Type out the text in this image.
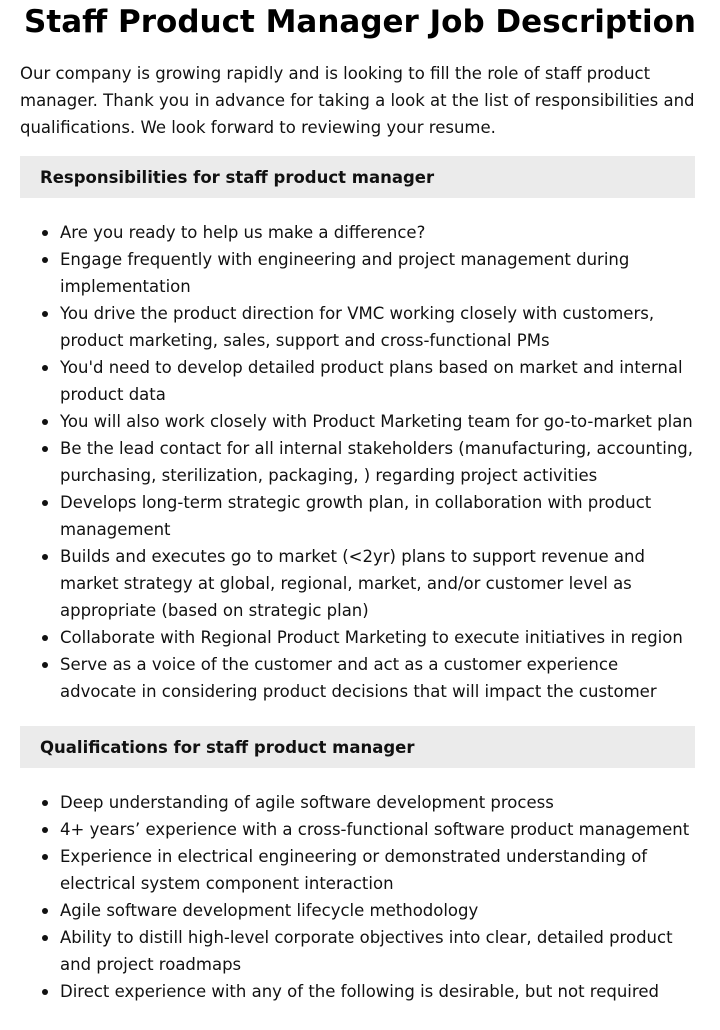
Staff Product Manager Job Description

Our company is growing rapidly and is looking to fill the role of staff product manager. Thank you in advance for taking a look at the list of responsibilities and qualifications. We look forward to reviewing your resume.

Responsibilities for staff product manager
Are you ready to help us make a difference?
Engage frequently with engineering and project management during implementation
You drive the product direction for VMC working closely with customers, product marketing, sales, support and cross-functional PMs
You'd need to develop detailed product plans based on market and internal product data
You will also work closely with Product Marketing team for go-to-market plan
Be the lead contact for all internal stakeholders (manufacturing, accounting, purchasing, sterilization, packaging, ) regarding project activities
Develops long-term strategic growth plan, in collaboration with product management
Builds and executes go to market (<2yr) plans to support revenue and market strategy at global, regional, market, and/or customer level as appropriate (based on strategic plan)
Collaborate with Regional Product Marketing to execute initiatives in region
Serve as a voice of the customer and act as a customer experience advocate in considering product decisions that will impact the customer
Qualifications for staff product manager
Deep understanding of agile software development process
4+ years’ experience with a cross-functional software product management
Experience in electrical engineering or demonstrated understanding of electrical system component interaction
Agile software development lifecycle methodology
Ability to distill high-level corporate objectives into clear, detailed product and project roadmaps
Direct experience with any of the following is desirable, but not required
